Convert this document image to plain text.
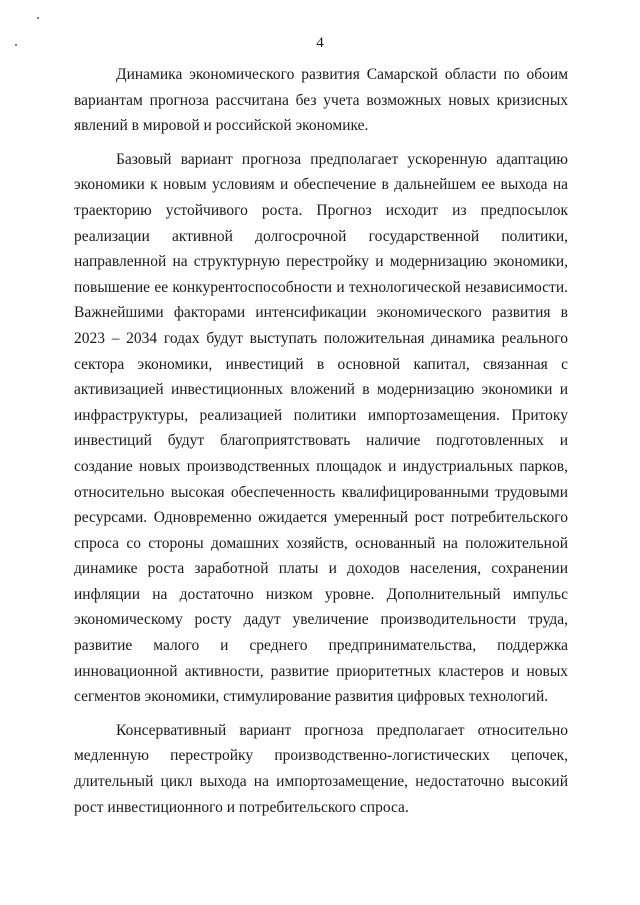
4

Динамика экономического развития Самарской области по обоим вариантам прогноза рассчитана без учета возможных новых кризисных явлений в мировой и российской экономике.

Базовый вариант прогноза предполагает ускоренную адаптацию экономики к новым условиям и обеспечение в дальнейшем ее выхода на траекторию устойчивого роста. Прогноз исходит из предпосылок реализации активной долгосрочной государственной политики, направленной на структурную перестройку и модернизацию экономики, повышение ее конкурентоспособности и технологической независимости. Важнейшими факторами интенсификации экономического развития в 2023 – 2034 годах будут выступать положительная динамика реального сектора экономики, инвестиций в основной капитал, связанная с активизацией инвестиционных вложений в модернизацию экономики и инфраструктуры, реализацией политики импортозамещения. Притоку инвестиций будут благоприятствовать наличие подготовленных и создание новых производственных площадок и индустриальных парков, относительно высокая обеспеченность квалифицированными трудовыми ресурсами. Одновременно ожидается умеренный рост потребительского спроса со стороны домашних хозяйств, основанный на положительной динамике роста заработной платы и доходов населения, сохранении инфляции на достаточно низком уровне. Дополнительный импульс экономическому росту дадут увеличение производительности труда, развитие малого и среднего предпринимательства, поддержка инновационной активности, развитие приоритетных кластеров и новых сегментов экономики, стимулирование развития цифровых технологий.

Консервативный вариант прогноза предполагает относительно медленную перестройку производственно-логистических цепочек, длительный цикл выхода на импортозамещение, недостаточно высокий рост инвестиционного и потребительского спроса.
